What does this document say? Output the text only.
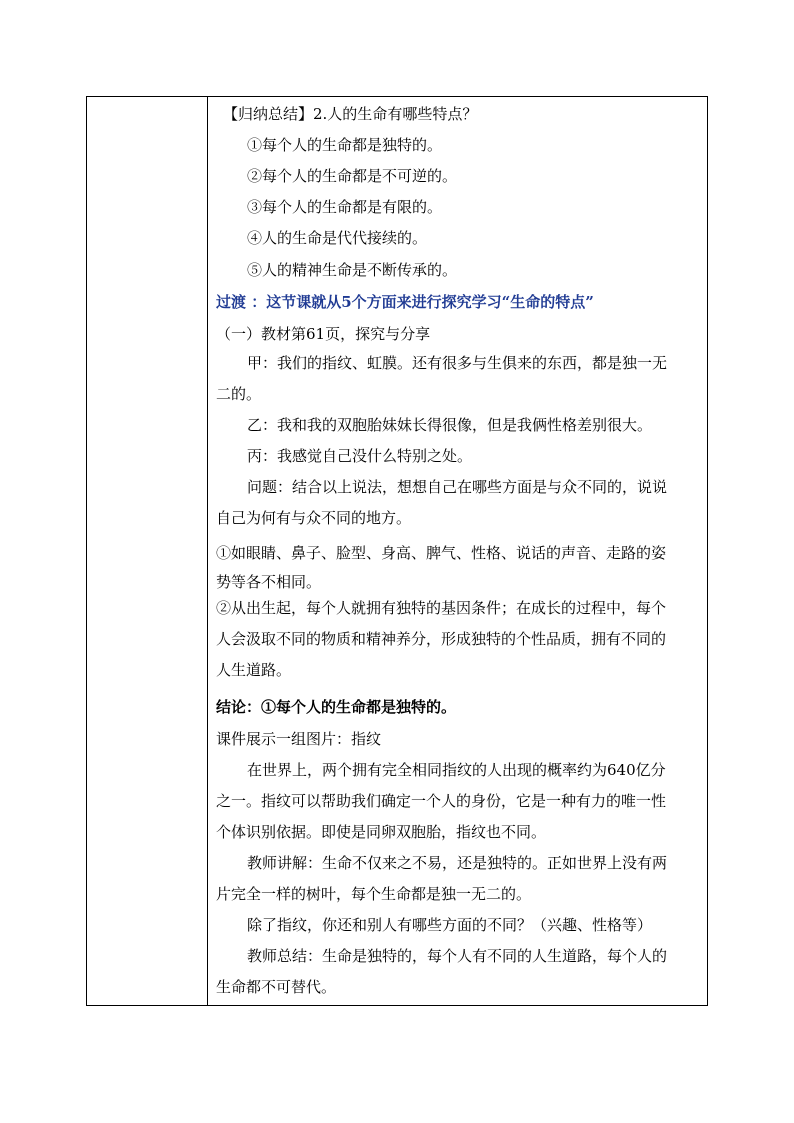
【归纳总结】2.人的生命有哪些特点？
①每个人的生命都是独特的。
②每个人的生命都是不可逆的。
③每个人的生命都是有限的。
④人的生命是代代接续的。
⑤人的精神生命是不断传承的。
过渡 ：这节课就从5个方面来进行探究学习“生命的特点”
（一）教材第61页，探究与分享
甲：我们的指纹、虹膜。还有很多与生俱来的东西，都是独一无
二的。
乙：我和我的双胞胎妹妹长得很像，但是我俩性格差别很大。
丙：我感觉自己没什么特别之处。
问题：结合以上说法，想想自己在哪些方面是与众不同的，说说
自己为何有与众不同的地方。
①如眼睛、鼻子、脸型、身高、脾气、性格、说话的声音、走路的姿
势等各不相同。
②从出生起，每个人就拥有独特的基因条件；在成长的过程中，每个
人会汲取不同的物质和精神养分，形成独特的个性品质，拥有不同的
人生道路。
结论：①每个人的生命都是独特的。
课件展示一组图片：指纹
在世界上，两个拥有完全相同指纹的人出现的概率约为640亿分
之一。指纹可以帮助我们确定一个人的身份，它是一种有力的唯一性
个体识别依据。即使是同卵双胞胎，指纹也不同。
教师讲解：生命不仅来之不易，还是独特的。正如世界上没有两
片完全一样的树叶，每个生命都是独一无二的。
除了指纹，你还和别人有哪些方面的不同？（兴趣、性格等）
教师总结：生命是独特的，每个人有不同的人生道路，每个人的
生命都不可替代。
